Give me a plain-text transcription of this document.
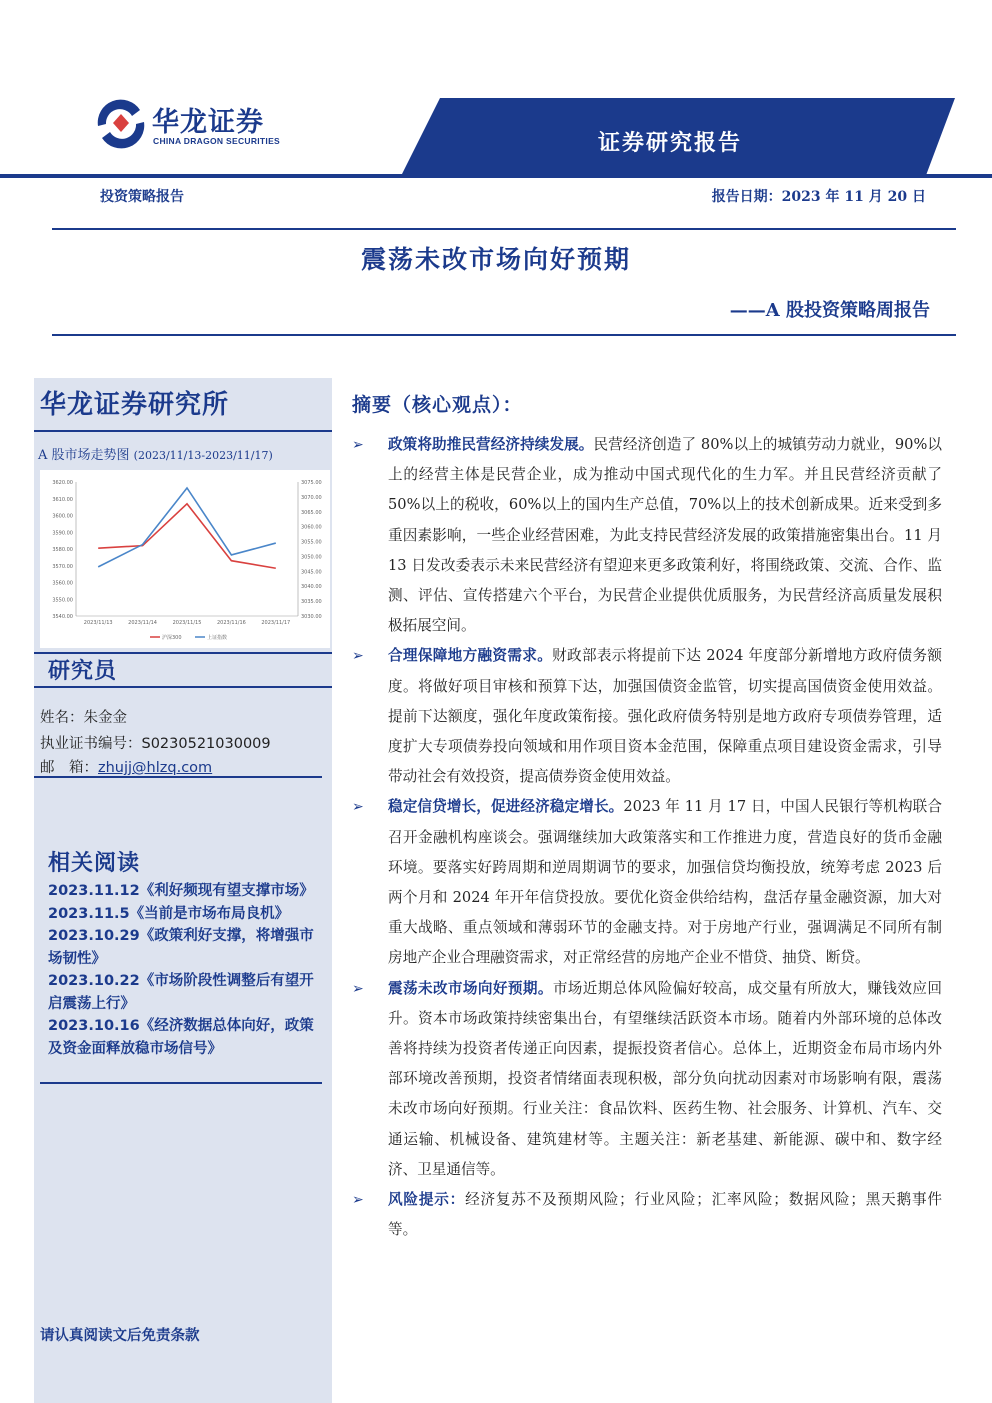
华龙证券
CHINA DRAGON SECURITIES	证券研究报告
投资策略报告	报告日期：2023 年 11 月 20 日
震荡未改市场向好预期
——A 股投资策略周报告
华龙证券研究所
A 股市场走势图 (2023/11/13-2023/11/17)
3540.00
3550.00
3560.00
3570.00
3580.00
3590.00
3600.00
3610.00
3620.00
3030.00
3035.00
3040.00
3045.00
3050.00
3055.00
3060.00
3065.00
3070.00
3075.00
2023/11/13	2023/11/14	2023/11/15	2023/11/16	2023/11/17
沪深300	上证指数
研究员
姓名：朱金金
执业证书编号：S0230521030009
邮　箱：zhujj@hlzq.com
相关阅读
2023.11.12《利好频现有望支撑市场》
2023.11.5《当前是市场布局良机》
2023.10.29《政策利好支撑，将增强市场韧性》
2023.10.22《市场阶段性调整后有望开启震荡上行》
2023.10.16《经济数据总体向好，政策及资金面释放稳市场信号》
请认真阅读文后免责条款
摘要（核心观点）：
➢ 政策将助推民营经济持续发展。民营经济创造了 80%以上的城镇劳动力就业，90%以上的经营主体是民营企业，成为推动中国式现代化的生力军。并且民营经济贡献了 50%以上的税收，60%以上的国内生产总值，70%以上的技术创新成果。近来受到多重因素影响，一些企业经营困难，为此支持民营经济发展的政策措施密集出台。11 月 13 日发改委表示未来民营经济有望迎来更多政策利好，将围绕政策、交流、合作、监测、评估、宣传搭建六个平台，为民营企业提供优质服务，为民营经济高质量发展积极拓展空间。
➢ 合理保障地方融资需求。财政部表示将提前下达 2024 年度部分新增地方政府债务额度。将做好项目审核和预算下达，加强国债资金监管，切实提高国债资金使用效益。提前下达额度，强化年度政策衔接。强化政府债务特别是地方政府专项债券管理，适度扩大专项债券投向领域和用作项目资本金范围，保障重点项目建设资金需求，引导带动社会有效投资，提高债券资金使用效益。
➢ 稳定信贷增长，促进经济稳定增长。2023 年 11 月 17 日，中国人民银行等机构联合召开金融机构座谈会。强调继续加大政策落实和工作推进力度，营造良好的货币金融环境。要落实好跨周期和逆周期调节的要求，加强信贷均衡投放，统筹考虑 2023 后两个月和 2024 年开年信贷投放。要优化资金供给结构，盘活存量金融资源，加大对重大战略、重点领域和薄弱环节的金融支持。对于房地产行业，强调满足不同所有制房地产企业合理融资需求，对正常经营的房地产企业不惜贷、抽贷、断贷。
➢ 震荡未改市场向好预期。市场近期总体风险偏好较高，成交量有所放大，赚钱效应回升。资本市场政策持续密集出台，有望继续活跃资本市场。随着内外部环境的总体改善将持续为投资者传递正向因素，提振投资者信心。总体上，近期资金布局市场内外部环境改善预期，投资者情绪面表现积极，部分负向扰动因素对市场影响有限，震荡未改市场向好预期。行业关注：食品饮料、医药生物、社会服务、计算机、汽车、交通运输、机械设备、建筑建材等。主题关注：新老基建、新能源、碳中和、数字经济、卫星通信等。
➢ 风险提示：经济复苏不及预期风险；行业风险；汇率风险；数据风险；黑天鹅事件等。
